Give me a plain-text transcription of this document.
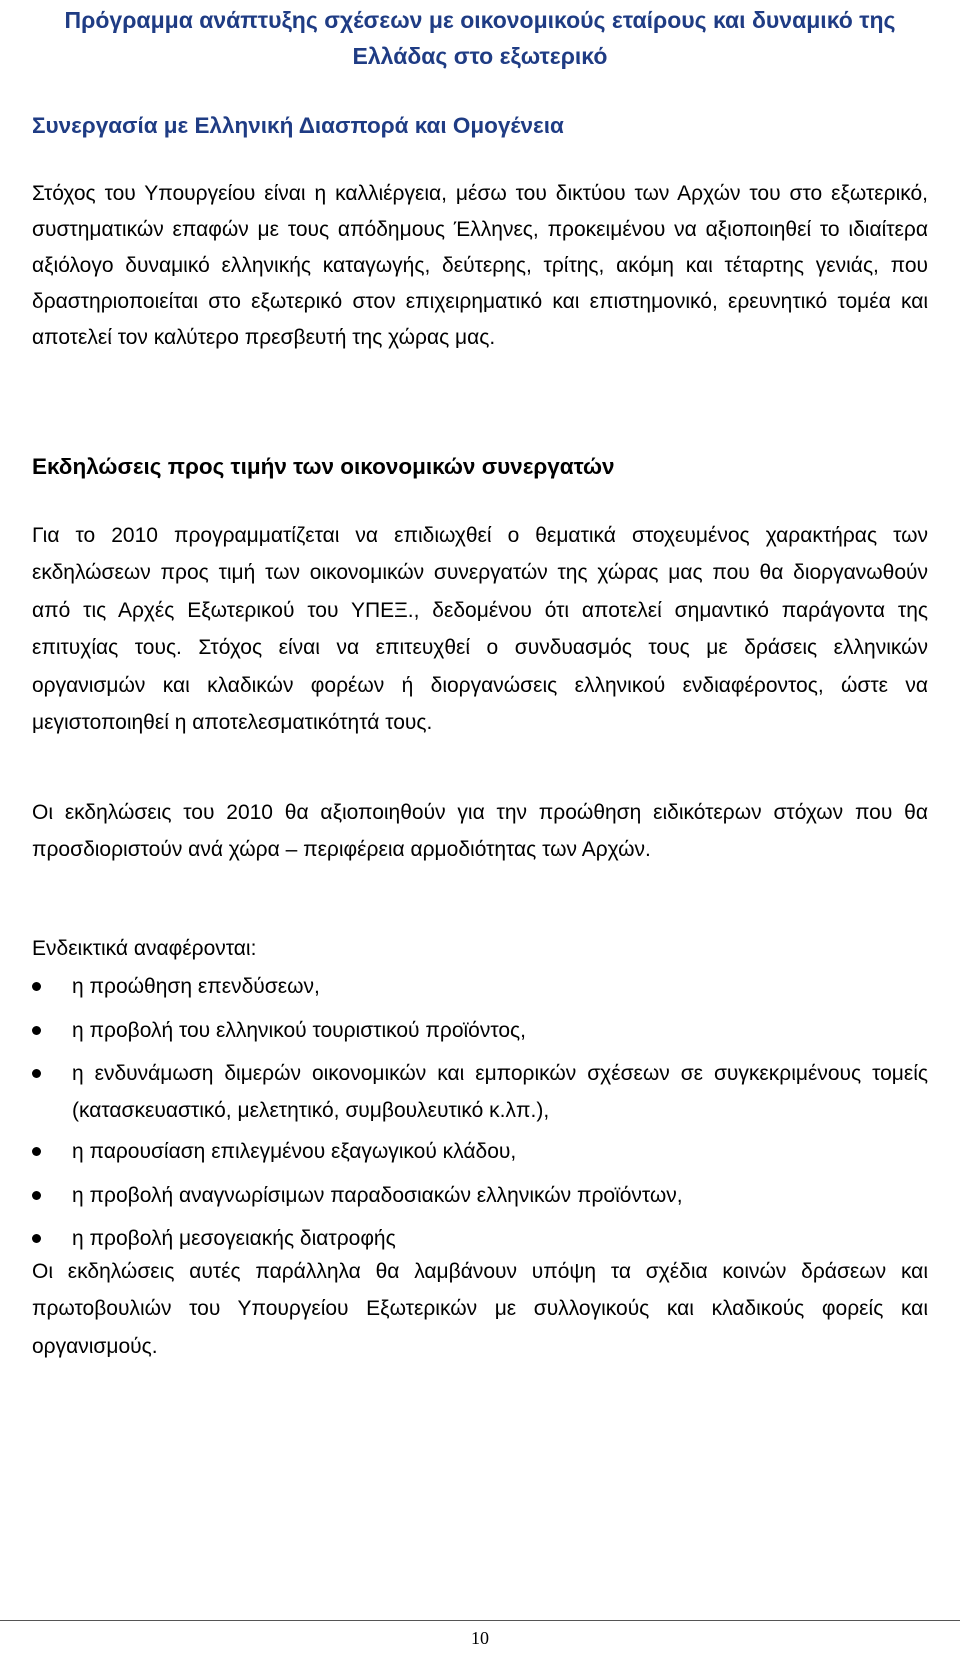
Πρόγραμμα ανάπτυξης σχέσεων με οικονομικούς εταίρους και δυναμικό της Ελλάδας στο εξωτερικό
Συνεργασία με Ελληνική Διασπορά και Ομογένεια

Στόχος του Υπουργείου είναι η καλλιέργεια, μέσω του δικτύου των Αρχών του στο εξωτερικό, συστηματικών επαφών με τους απόδημους Έλληνες, προκειμένου να αξιοποιηθεί το ιδιαίτερα αξιόλογο δυναμικό ελληνικής καταγωγής, δεύτερης, τρίτης, ακόμη και τέταρτης γενιάς, που δραστηριοποιείται στο εξωτερικό στον επιχειρηματικό και επιστημονικό, ερευνητικό τομέα και αποτελεί τον καλύτερο πρεσβευτή της χώρας μας.

Εκδηλώσεις προς τιμήν των οικονομικών συνεργατών

Για το 2010 προγραμματίζεται να επιδιωχθεί ο θεματικά στοχευμένος χαρακτήρας των εκδηλώσεων προς τιμή των οικονομικών συνεργατών της χώρας μας που θα διοργανωθούν από τις Αρχές Εξωτερικού του ΥΠΕΞ., δεδομένου ότι αποτελεί σημαντικό παράγοντα της επιτυχίας τους. Στόχος είναι να επιτευχθεί ο συνδυασμός τους με δράσεις ελληνικών οργανισμών και κλαδικών φορέων ή διοργανώσεις ελληνικού ενδιαφέροντος, ώστε να μεγιστοποιηθεί η αποτελεσματικότητά τους.

Οι εκδηλώσεις του 2010 θα αξιοποιηθούν για την προώθηση ειδικότερων στόχων που θα προσδιοριστούν ανά χώρα – περιφέρεια αρμοδιότητας των Αρχών.

Ενδεικτικά αναφέρονται:

η προώθηση επενδύσεων,
η προβολή του ελληνικού τουριστικού προϊόντος,
η ενδυνάμωση διμερών οικονομικών και εμπορικών σχέσεων σε συγκεκριμένους τομείς (κατασκευαστικό, μελετητικό, συμβουλευτικό κ.λπ.),
η παρουσίαση επιλεγμένου εξαγωγικού κλάδου,
η προβολή αναγνωρίσιμων παραδοσιακών ελληνικών προϊόντων,
η προβολή μεσογειακής διατροφής

Οι εκδηλώσεις αυτές παράλληλα θα λαμβάνουν υπόψη τα σχέδια κοινών δράσεων και πρωτοβουλιών του Υπουργείου Εξωτερικών με συλλογικούς και κλαδικούς φορείς και οργανισμούς.

10
